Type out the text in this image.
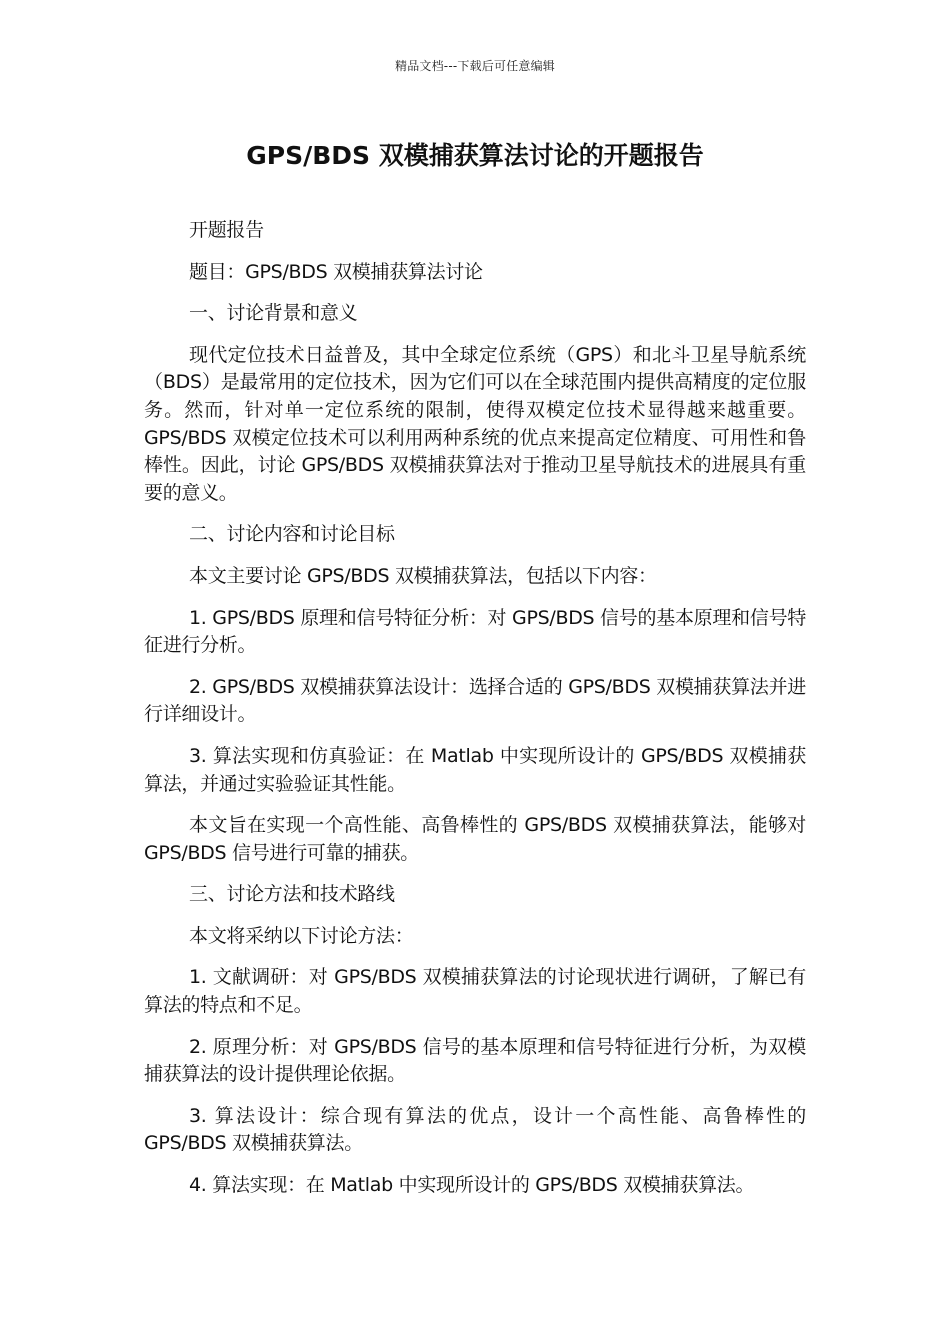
精品文档---下载后可任意编辑
GPS/BDS 双模捕获算法讨论的开题报告

开题报告

题目：GPS/BDS 双模捕获算法讨论

一、讨论背景和意义

现代定位技术日益普及，其中全球定位系统（GPS）和北斗卫星导航系统（BDS）是最常用的定位技术，因为它们可以在全球范围内提供高精度的定位服务。然而，针对单一定位系统的限制，使得双模定位技术显得越来越重要。GPS/BDS 双模定位技术可以利用两种系统的优点来提高定位精度、可用性和鲁棒性。因此，讨论 GPS/BDS 双模捕获算法对于推动卫星导航技术的进展具有重要的意义。

二、讨论内容和讨论目标

本文主要讨论 GPS/BDS 双模捕获算法，包括以下内容：

1. GPS/BDS 原理和信号特征分析：对 GPS/BDS 信号的基本原理和信号特征进行分析。

2. GPS/BDS 双模捕获算法设计：选择合适的 GPS/BDS 双模捕获算法并进行详细设计。

3. 算法实现和仿真验证：在 Matlab 中实现所设计的 GPS/BDS 双模捕获算法，并通过实验验证其性能。

本文旨在实现一个高性能、高鲁棒性的 GPS/BDS 双模捕获算法，能够对 GPS/BDS 信号进行可靠的捕获。

三、讨论方法和技术路线

本文将采纳以下讨论方法：

1. 文献调研：对 GPS/BDS 双模捕获算法的讨论现状进行调研，了解已有算法的特点和不足。

2. 原理分析：对 GPS/BDS 信号的基本原理和信号特征进行分析，为双模捕获算法的设计提供理论依据。

3. 算法设计：综合现有算法的优点，设计一个高性能、高鲁棒性的 GPS/BDS 双模捕获算法。

4. 算法实现：在 Matlab 中实现所设计的 GPS/BDS 双模捕获算法。
